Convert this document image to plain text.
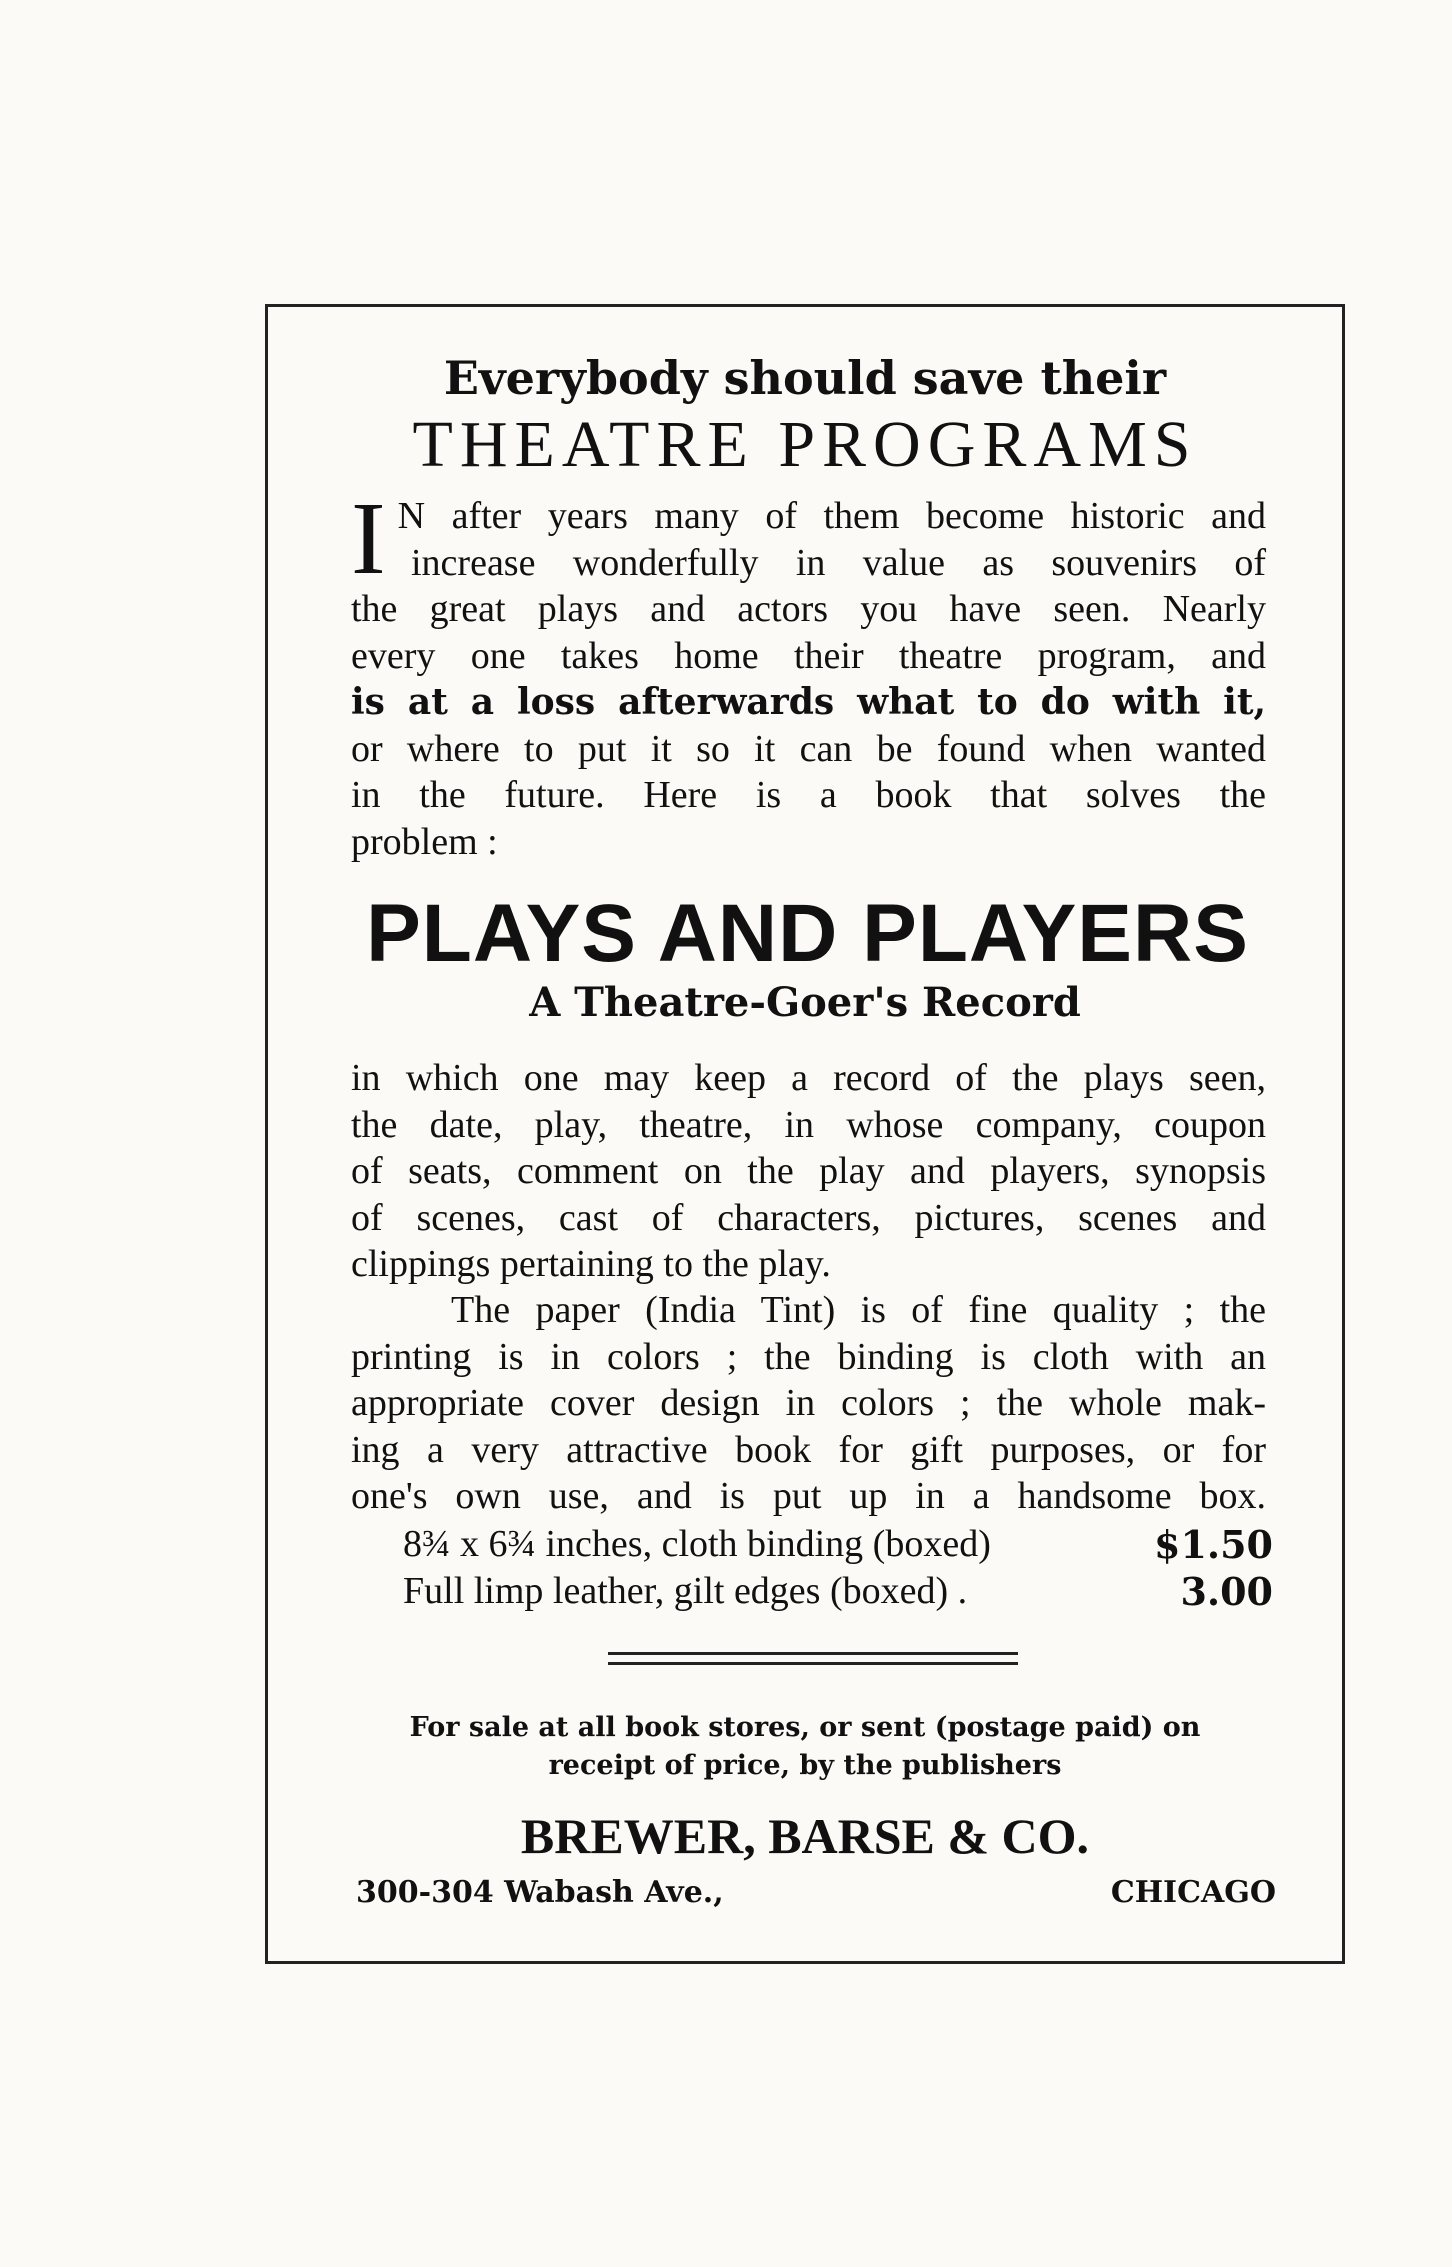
Everybody should save their
THEATRE PROGRAMS
I N after years many of them become historic and
increase wonderfully in value as souvenirs of
the great plays and actors you have seen. Nearly
every one takes home their theatre program, and
is at a loss afterwards what to do with it,
or where to put it so it can be found when wanted
in the future. Here is a book that solves the
problem :
PLAYS AND PLAYERS
A Theatre-Goer's Record
in which one may keep a record of the plays seen,
the date, play, theatre, in whose company, coupon
of seats, comment on the play and players, synopsis
of scenes, cast of characters, pictures, scenes and
clippings pertaining to the play.
The paper (India Tint) is of fine quality ; the
printing is in colors ; the binding is cloth with an
appropriate cover design in colors ; the whole mak-
ing a very attractive book for gift purposes, or for
one's own use, and is put up in a handsome box.
8¾ x 6¾ inches, cloth binding (boxed)	$1.50
Full limp leather, gilt edges (boxed) .	3.00
For sale at all book stores, or sent (postage paid) on
receipt of price, by the publishers
BREWER, BARSE & CO.
300-304 Wabash Ave.,	CHICAGO
